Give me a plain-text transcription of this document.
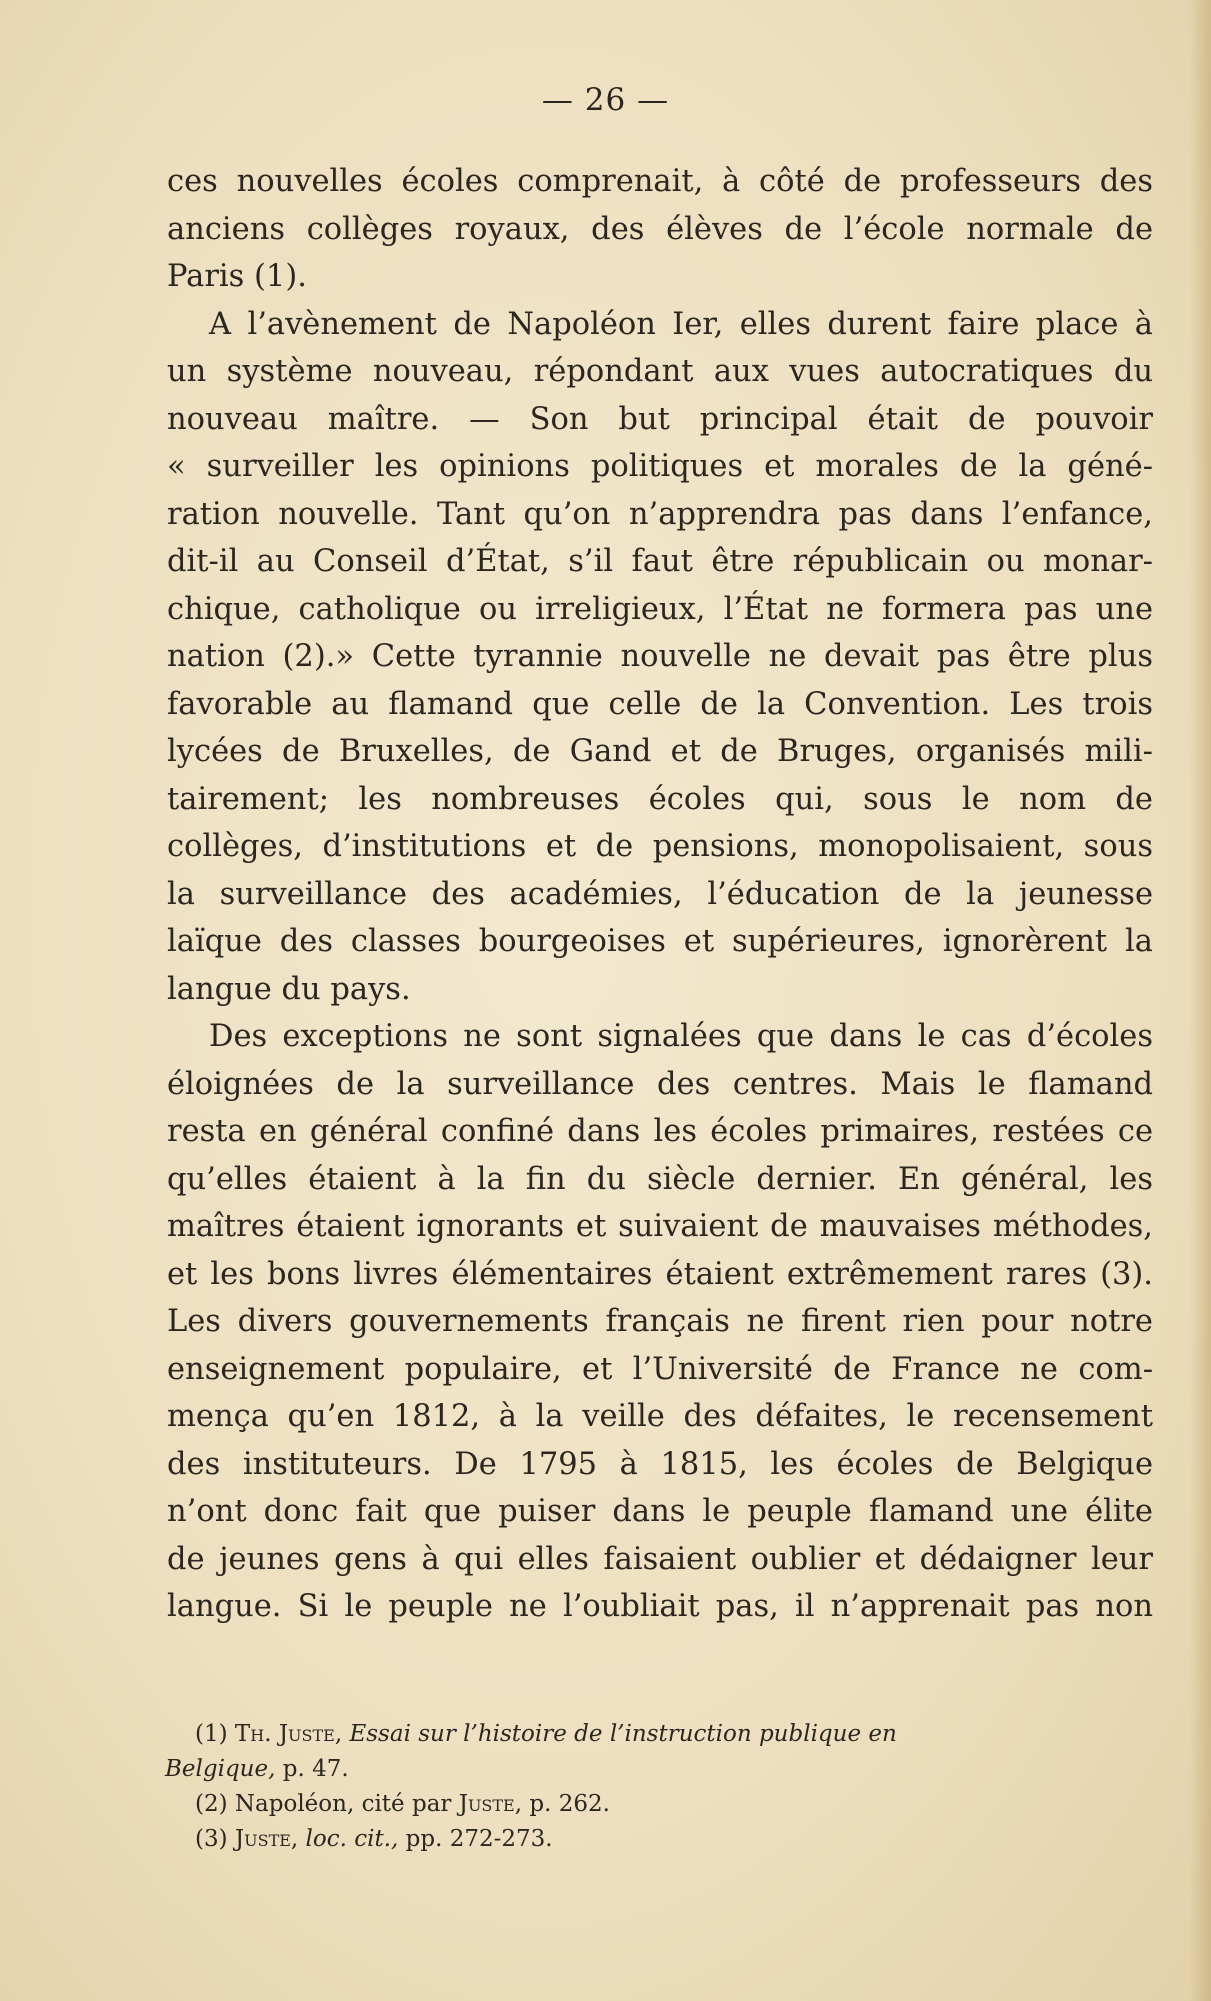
— 26 —

ces nouvelles écoles comprenait, à côté de professeurs des

anciens collèges royaux, des élèves de l’école normale de

Paris (1).

A l’avènement de Napoléon Ier, elles durent faire place à

un système nouveau, répondant aux vues autocratiques du

nouveau maître. — Son but principal était de pouvoir

« surveiller les opinions politiques et morales de la géné-

ration nouvelle. Tant qu’on n’apprendra pas dans l’enfance,

dit-il au Conseil d’État, s’il faut être républicain ou monar-

chique, catholique ou irreligieux, l’État ne formera pas une

nation (2).» Cette tyrannie nouvelle ne devait pas être plus

favorable au flamand que celle de la Convention. Les trois

lycées de Bruxelles, de Gand et de Bruges, organisés mili-

tairement; les nombreuses écoles qui, sous le nom de

collèges, d’institutions et de pensions, monopolisaient, sous

la surveillance des académies, l’éducation de la jeunesse

laïque des classes bourgeoises et supérieures, ignorèrent la

langue du pays.

Des exceptions ne sont signalées que dans le cas d’écoles

éloignées de la surveillance des centres. Mais le flamand

resta en général confiné dans les écoles primaires, restées ce

qu’elles étaient à la fin du siècle dernier. En général, les

maîtres étaient ignorants et suivaient de mauvaises méthodes,

et les bons livres élémentaires étaient extrêmement rares (3).

Les divers gouvernements français ne firent rien pour notre

enseignement populaire, et l’Université de France ne com-

mença qu’en 1812, à la veille des défaites, le recensement

des instituteurs. De 1795 à 1815, les écoles de Belgique

n’ont donc fait que puiser dans le peuple flamand une élite

de jeunes gens à qui elles faisaient oublier et dédaigner leur

langue. Si le peuple ne l’oubliait pas, il n’apprenait pas non

(1) Th. Juste, Essai sur l’histoire de l’instruction publique en

Belgique, p. 47.

(2) Napoléon, cité par Juste, p. 262.

(3) Juste, loc. cit., pp. 272-273.
